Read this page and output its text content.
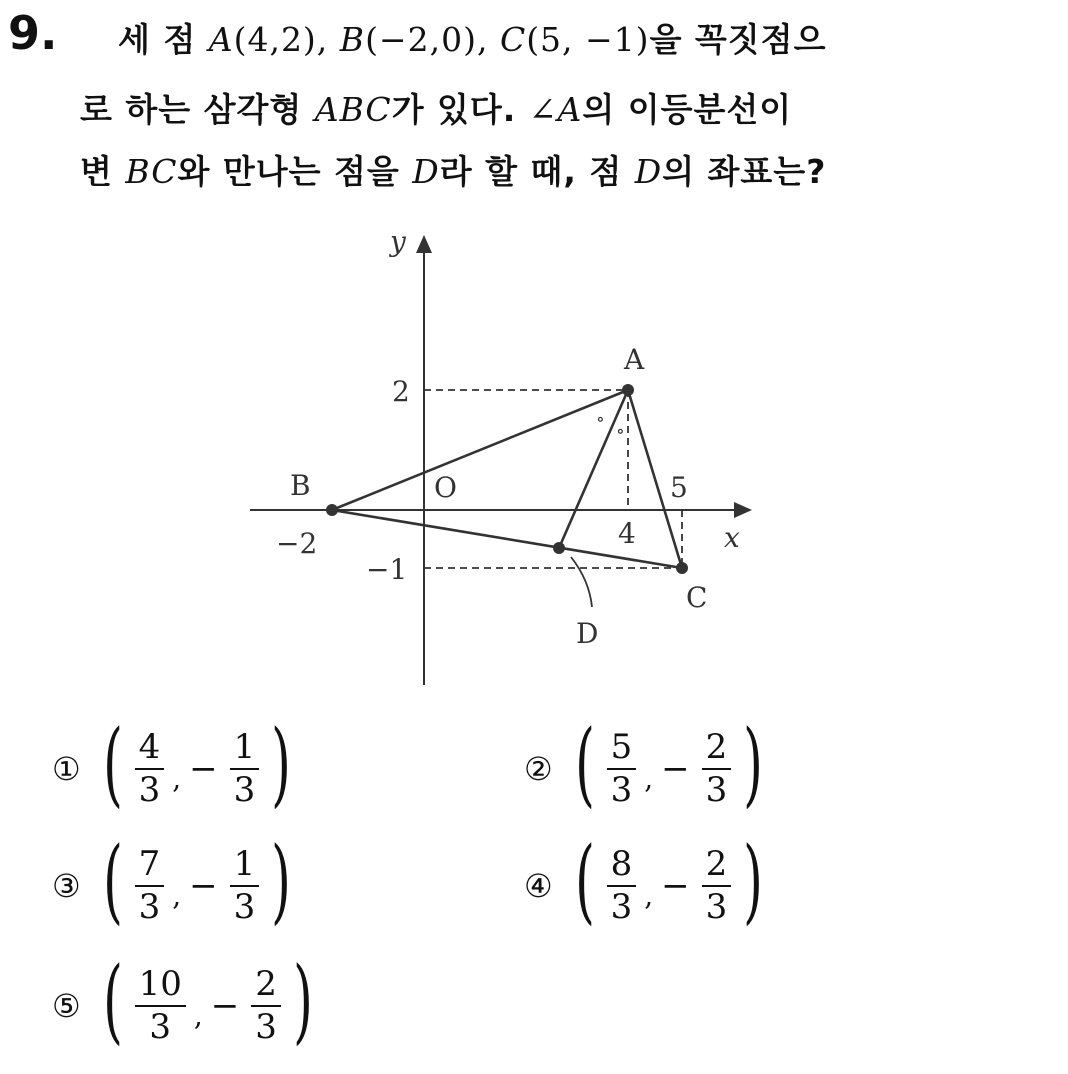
9. 세 점 A(4,2), B(−2,0), C(5, −1)을 꼭짓점으
로 하는 삼각형 ABC가 있다. ∠A의 이등분선이
변 BC와 만나는 점을 D라 할 때, 점 D의 좌표는?
y
x
O
2
−1
−2	4
5
A
B
C
D
∘
∘
① ( $\frac{4}{3}$ , − $\frac{1}{3}$ )	② ( $\frac{5}{3}$ , − $\frac{2}{3}$ )
③ ( $\frac{7}{3}$ , − $\frac{1}{3}$ )	④ ( $\frac{8}{3}$ , − $\frac{2}{3}$ )
⑤ ( $\frac{10}{3}$ , − $\frac{2}{3}$ )
